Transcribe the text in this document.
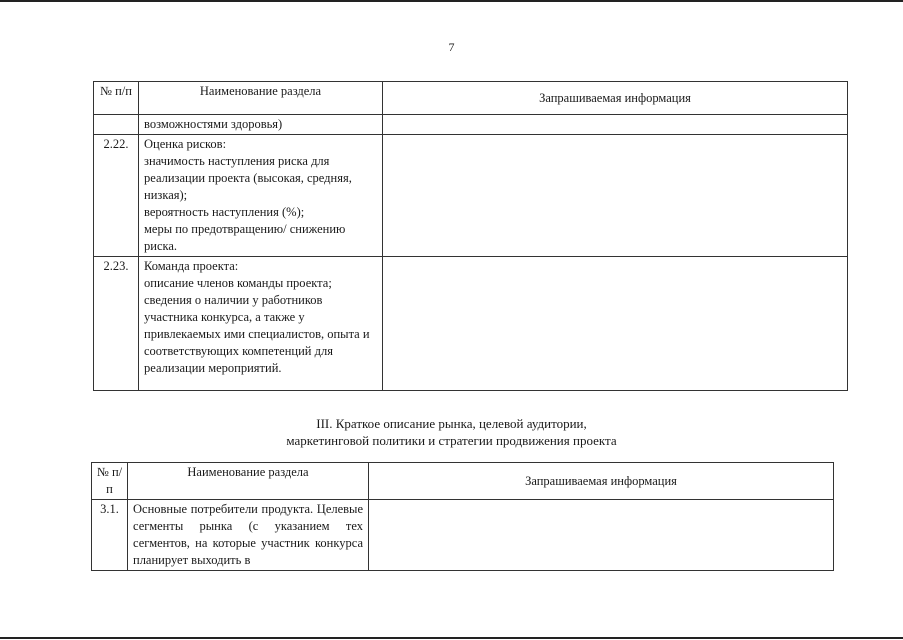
7
№ п/п	Наименование раздела	Запрашиваемая информация

	возможностями здоровья)	

2.22.	Оценка рисков:
значимость наступления риска для реализации проекта (высокая, средняя, низкая);
вероятность наступления (%);
меры по предотвращению/ снижению риска.	

2.23.	Команда проекта:
описание членов команды проекта;
сведения о наличии у работников участника конкурса, а также у привлекаемых ими специалистов, опыта и соответствующих компетенций для реализации мероприятий.	

III. Краткое описание рынка, целевой аудитории,
маркетинговой политики и стратегии продвижения проекта
№ п/п	Наименование раздела	Запрашиваемая информация
3.1.	Основные потребители продукта. Целевые сегменты рынка (с указанием тех сегментов, на которые участник конкурса планирует выходить в	
